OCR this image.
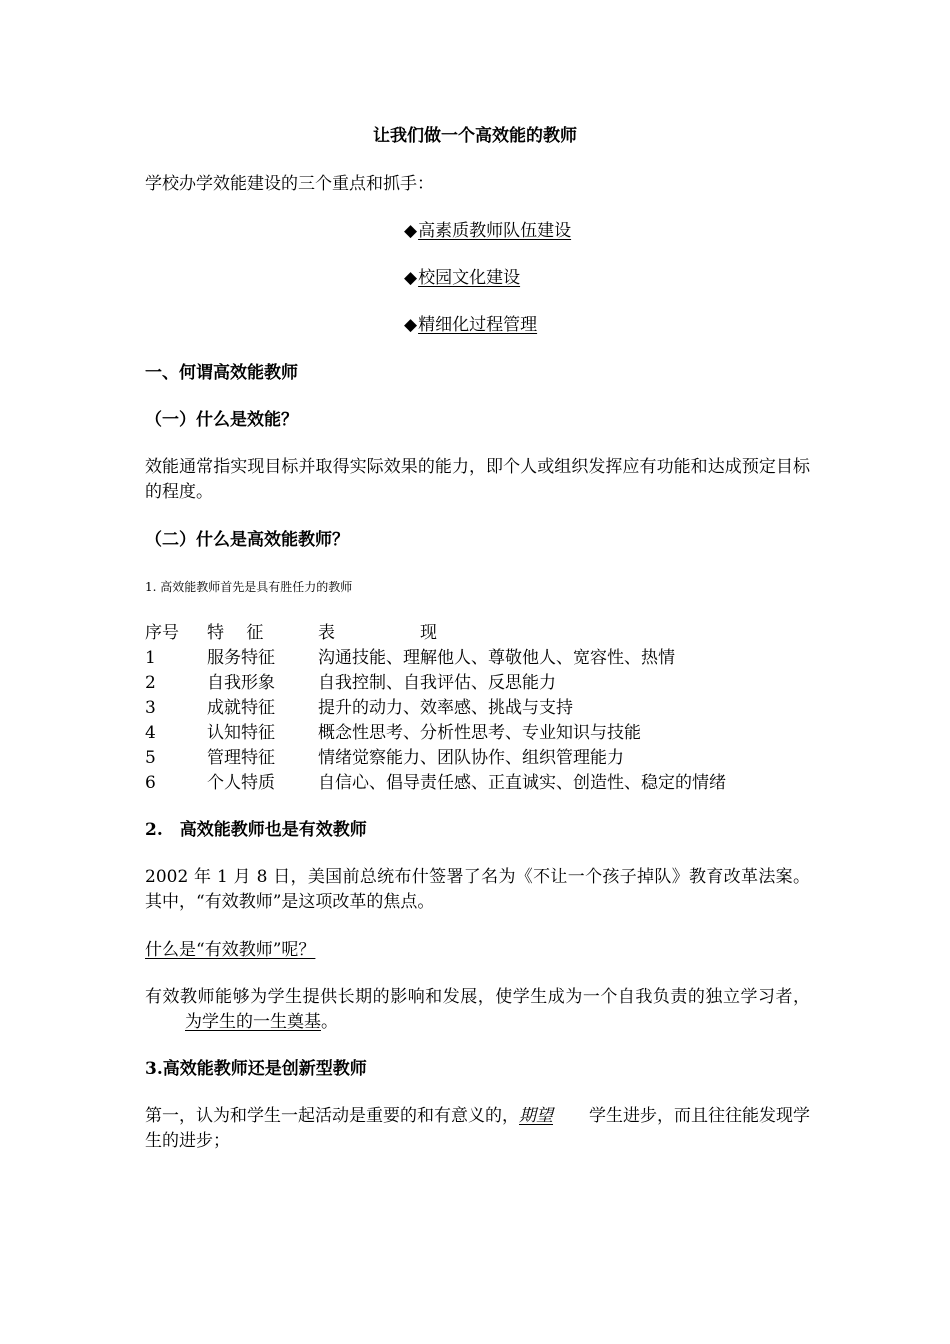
让我们做一个高效能的教师
学校办学效能建设的三个重点和抓手：
◆高素质教师队伍建设
◆校园文化建设
◆精细化过程管理
一、何谓高效能教师
（一）什么是效能？
效能通常指实现目标并取得实际效果的能力，即个人或组织发挥应有功能和达成预定目标的程度。
（二）什么是高效能教师？
1. 高效能教师首先是具有胜任力的教师
序号 特　 征	表　　　　　现
1	服务特征	沟通技能、理解他人、尊敬他人、宽容性、热情
2	自我形象	自我控制、自我评估、反思能力
3	成就特征	提升的动力、效率感、挑战与支持
4	认知特征	概念性思考、分析性思考、专业知识与技能
5	管理特征	情绪觉察能力、团队协作、组织管理能力
6	个人特质	自信心、倡导责任感、正直诚实、创造性、稳定的情绪
2.　高效能教师也是有效教师
2002 年 1 月 8 日，美国前总统布什签署了名为《不让一个孩子掉队》教育改革法案。其中，“有效教师”是这项改革的焦点。
什么是“有效教师”呢？
有效教师能够为学生提供长期的影响和发展，使学生成为一个自我负责的独立学习者，为学生的一生奠基。
3.高效能教师还是创新型教师
第一，认为和学生一起活动是重要的和有意义的，期望 学生进步，而且往往能发现学生的进步；
